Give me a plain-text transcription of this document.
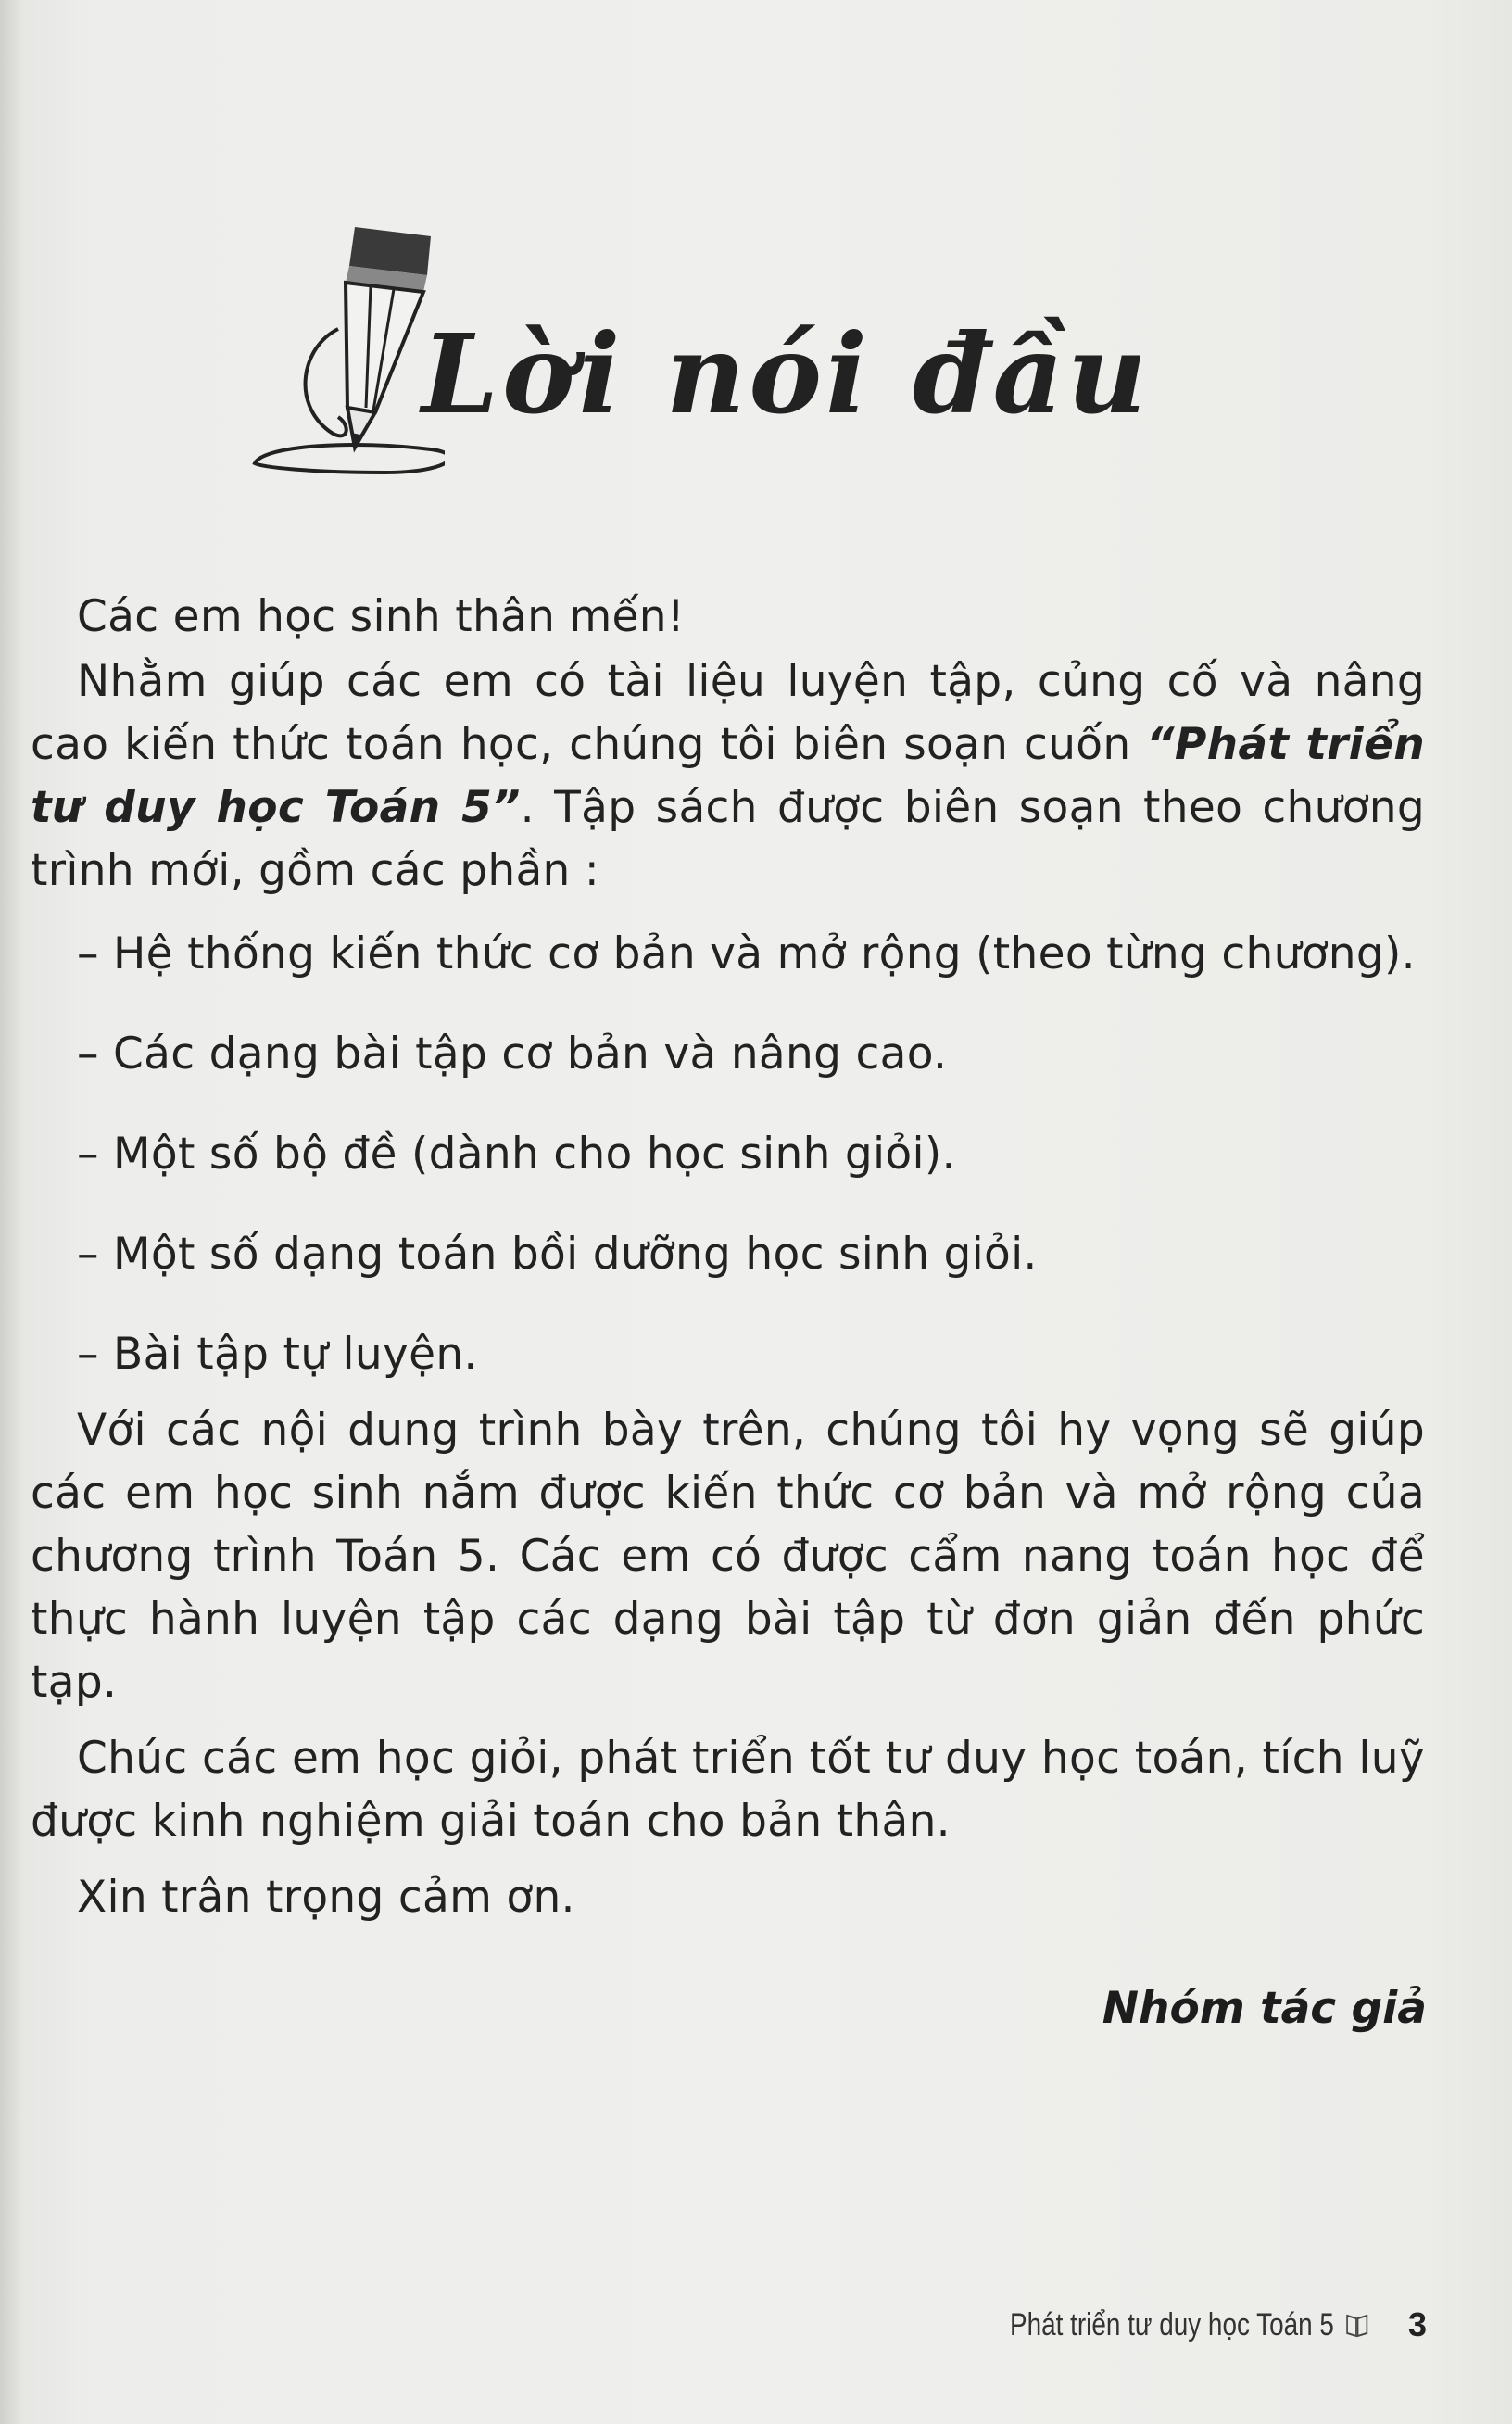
Lời nói đầu

Các em học sinh thân mến!

Nhằm giúp các em có tài liệu luyện tập, củng cố và nâng cao kiến thức toán học, chúng tôi biên soạn cuốn “Phát triển tư duy học Toán 5”. Tập sách được biên soạn theo chương trình mới, gồm các phần :

– Hệ thống kiến thức cơ bản và mở rộng (theo từng chương).

– Các dạng bài tập cơ bản và nâng cao.

– Một số bộ đề (dành cho học sinh giỏi).

– Một số dạng toán bồi dưỡng học sinh giỏi.

– Bài tập tự luyện.

Với các nội dung trình bày trên, chúng tôi hy vọng sẽ giúp các em học sinh nắm được kiến thức cơ bản và mở rộng của chương trình Toán 5. Các em có được cẩm nang toán học để thực hành luyện tập các dạng bài tập từ đơn giản đến phức tạp.

Chúc các em học giỏi, phát triển tốt tư duy học toán, tích luỹ được kinh nghiệm giải toán cho bản thân.

Xin trân trọng cảm ơn.

Nhóm tác giả
Phát triển tư duy học Toán 5	3
